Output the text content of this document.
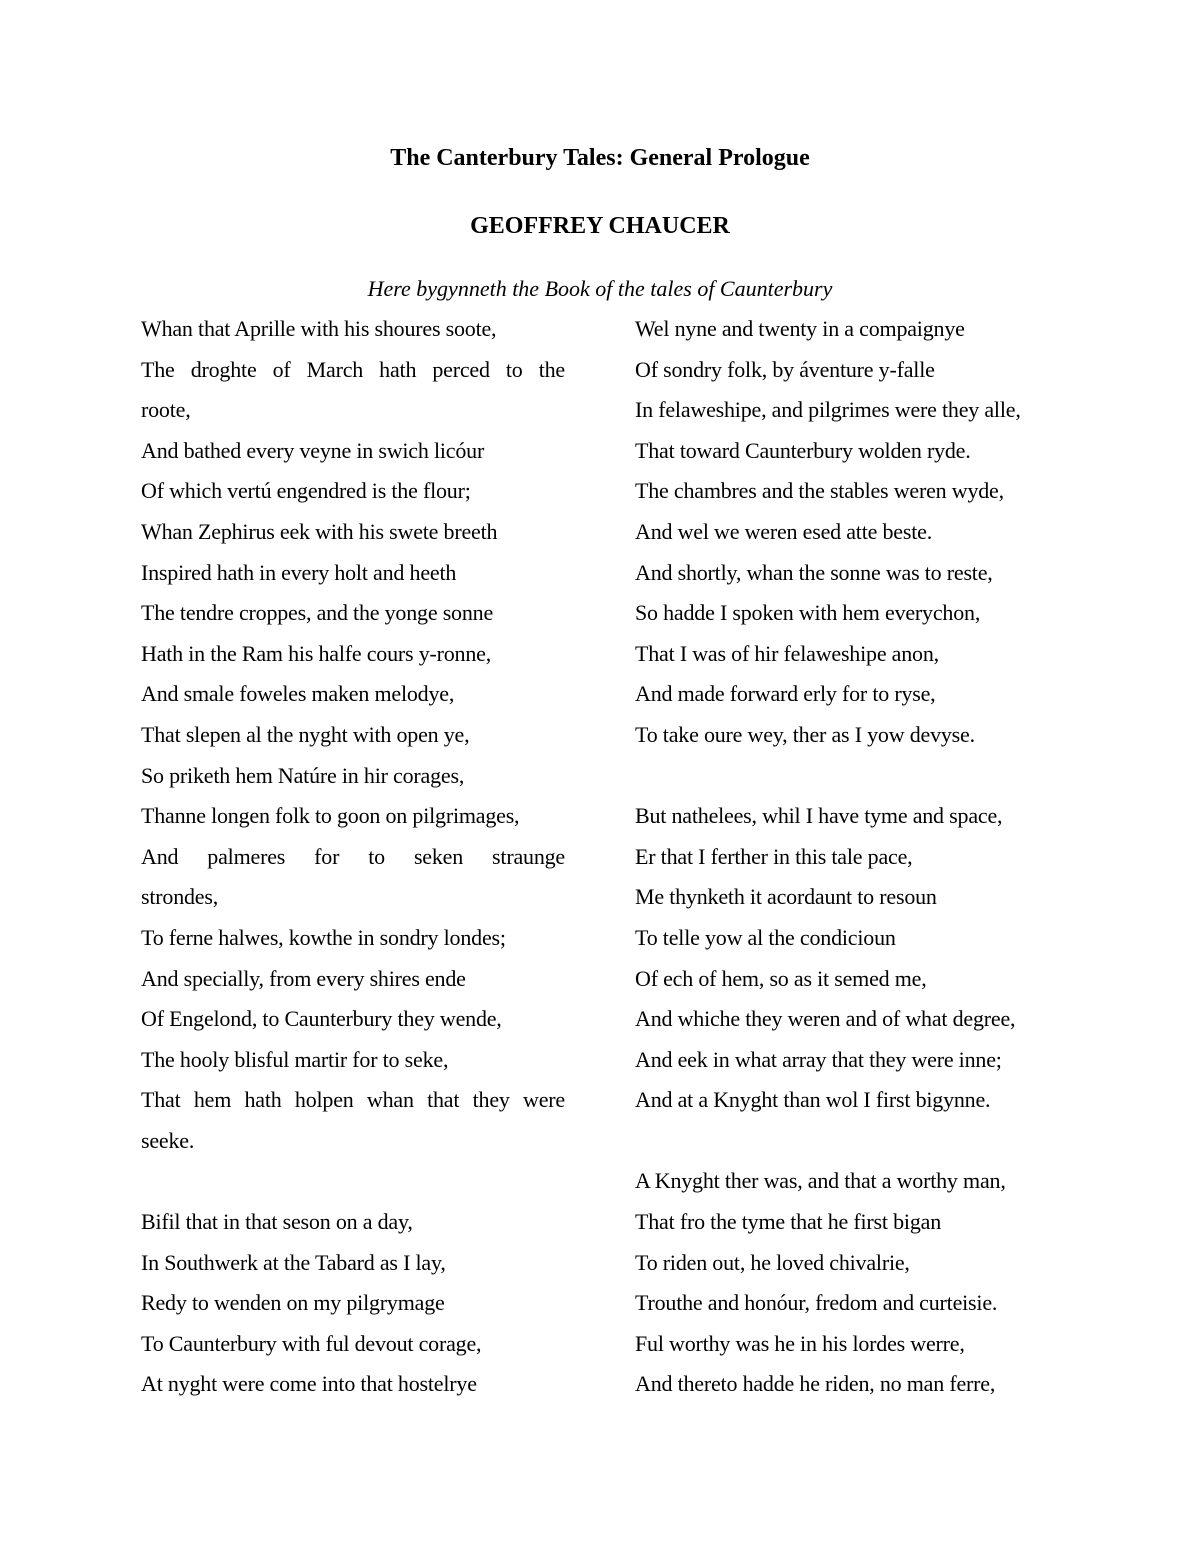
The Canterbury Tales: General Prologue
GEOFFREY CHAUCER

Here bygynneth the Book of the tales of Caunterbury

Whan that Aprille with his shoures soote,
The droghte of March hath perced to the
roote,
And bathed every veyne in swich licóur
Of which vertú engendred is the flour;
Whan Zephirus eek with his swete breeth
Inspired hath in every holt and heeth
The tendre croppes, and the yonge sonne
Hath in the Ram his halfe cours y-ronne,
And smale foweles maken melodye,
That slepen al the nyght with open ye,
So priketh hem Natúre in hir corages,
Thanne longen folk to goon on pilgrimages,
And palmeres for to seken straunge
strondes,
To ferne halwes, kowthe in sondry londes;
And specially, from every shires ende
Of Engelond, to Caunterbury they wende,
The hooly blisful martir for to seke,
That hem hath holpen whan that they were
seeke.
Bifil that in that seson on a day,
In Southwerk at the Tabard as I lay,
Redy to wenden on my pilgrymage
To Caunterbury with ful devout corage,
At nyght were come into that hostelrye
Wel nyne and twenty in a compaignye
Of sondry folk, by áventure y-falle
In felaweshipe, and pilgrimes were they alle,
That toward Caunterbury wolden ryde.
The chambres and the stables weren wyde,
And wel we weren esed atte beste.
And shortly, whan the sonne was to reste,
So hadde I spoken with hem everychon,
That I was of hir felaweshipe anon,
And made forward erly for to ryse,
To take oure wey, ther as I yow devyse.
But nathelees, whil I have tyme and space,
Er that I ferther in this tale pace,
Me thynketh it acordaunt to resoun
To telle yow al the condicioun
Of ech of hem, so as it semed me,
And whiche they weren and of what degree,
And eek in what array that they were inne;
And at a Knyght than wol I first bigynne.
A Knyght ther was, and that a worthy man,
That fro the tyme that he first bigan
To riden out, he loved chivalrie,
Trouthe and honóur, fredom and curteisie.
Ful worthy was he in his lordes werre,
And thereto hadde he riden, no man ferre,
